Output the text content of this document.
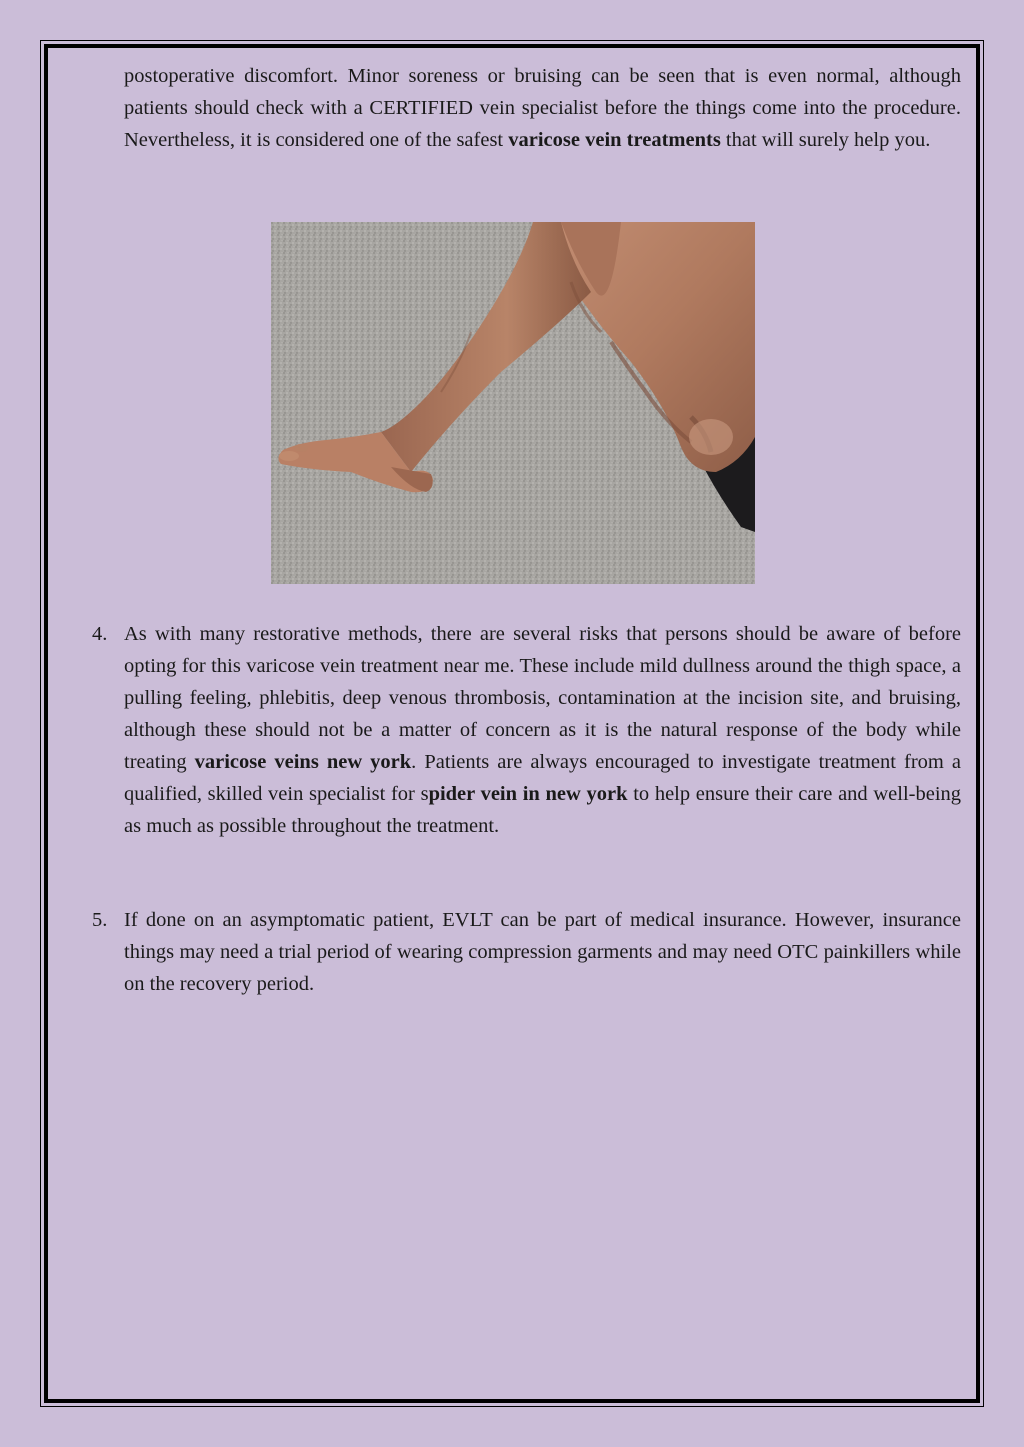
postoperative discomfort. Minor soreness or bruising can be seen that is even normal, although patients should check with a CERTIFIED vein specialist before the things come into the procedure. Nevertheless, it is considered one of the safest varicose vein treatments that will surely help you.

4. As with many restorative methods, there are several risks that persons should be aware of before opting for this varicose vein treatment near me. These include mild dullness around the thigh space, a pulling feeling, phlebitis, deep venous thrombosis, contamination at the incision site, and bruising, although these should not be a matter of concern as it is the natural response of the body while treating varicose veins new york. Patients are always encouraged to investigate treatment from a qualified, skilled vein specialist for spider vein in new york to help ensure their care and well-being as much as possible throughout the treatment.

5. If done on an asymptomatic patient, EVLT can be part of medical insurance. However, insurance things may need a trial period of wearing compression garments and may need OTC painkillers while on the recovery period.
